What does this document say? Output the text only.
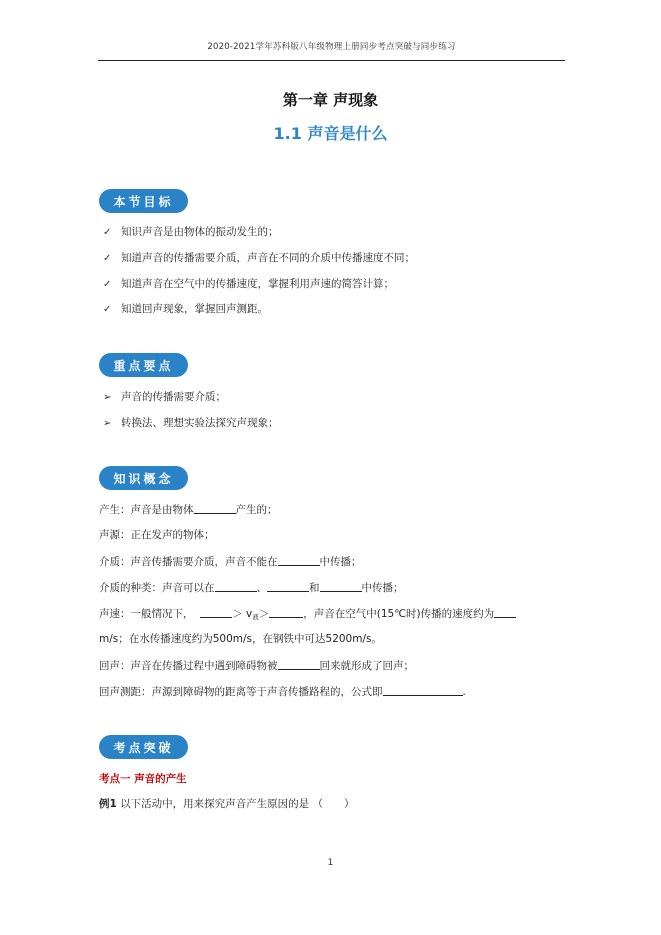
2020-2021学年苏科版八年级物理上册同步考点突破与同步练习
第一章 声现象
1.1 声音是什么
本节目标
✓ 知识声音是由物体的振动发生的；
✓ 知道声音的传播需要介质，声音在不同的介质中传播速度不同；
✓ 知道声音在空气中的传播速度，掌握利用声速的简答计算；
✓ 知道回声现象，掌握回声测距。
重点要点
➢ 声音的传播需要介质；
➢ 转换法、理想实验法探究声现象；
知识概念
产生：声音是由物体	产生的；
声源：正在发声的物体；
介质：声音传播需要介质，声音不能在	中传播；
介质的种类：声音可以在	、	和	中传播；
声速：一般情况下，	＞ $v_液>$	，声音在空气中(15℃时)传播的速度约为
m/s；在水传播速度约为500m/s，在钢铁中可达5200m/s。
回声：声音在传播过程中遇到障碍物被	回来就形成了回声；
回声测距：声源到障碍物的距离等于声音传播路程的，公式即	.
考点突破
考点一 声音的产生
例1 以下活动中，用来探究声音产生原因的是 （　　）
1
